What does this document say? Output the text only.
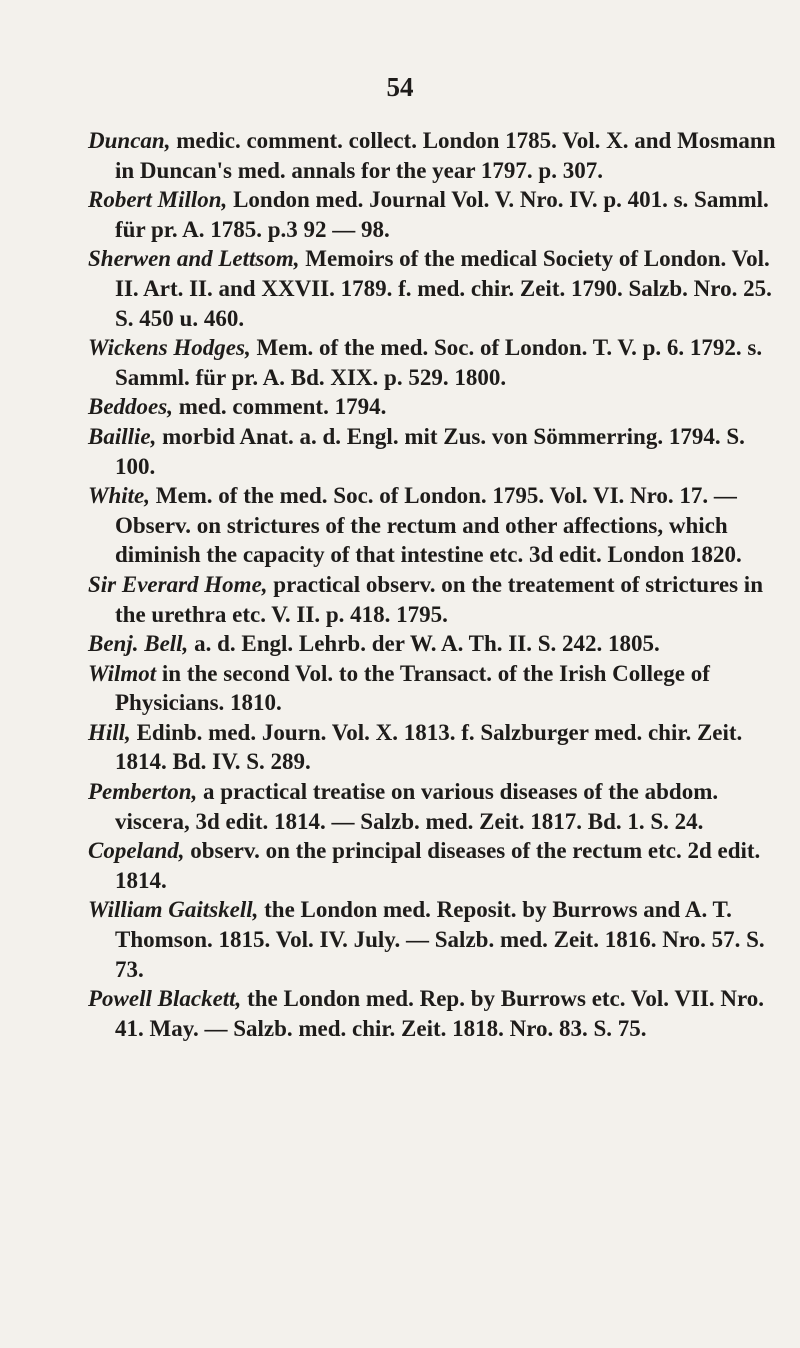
54

Duncan, medic. comment. collect. London 1785. Vol. X. and Mosmann in Duncan's med. annals for the year 1797. p. 307.

Robert Millon, London med. Journal Vol. V. Nro. IV. p. 401. s. Samml. für pr. A. 1785. p.3 92 — 98.

Sherwen and Lettsom, Memoirs of the medical Society of London. Vol. II. Art. II. and XXVII. 1789. f. med. chir. Zeit. 1790. Salzb. Nro. 25. S. 450 u. 460.

Wickens Hodges, Mem. of the med. Soc. of London. T. V. p. 6. 1792. s. Samml. für pr. A. Bd. XIX. p. 529. 1800.

Beddoes, med. comment. 1794.

Baillie, morbid Anat. a. d. Engl. mit Zus. von Sömmerring. 1794. S. 100.

White, Mem. of the med. Soc. of London. 1795. Vol. VI. Nro. 17. — Observ. on strictures of the rectum and other affections, which diminish the capacity of that intestine etc. 3d edit. London 1820.

Sir Everard Home, practical observ. on the treatement of strictures in the urethra etc. V. II. p. 418. 1795.

Benj. Bell, a. d. Engl. Lehrb. der W. A. Th. II. S. 242. 1805.

Wilmot in the second Vol. to the Transact. of the Irish College of Physicians. 1810.

Hill, Edinb. med. Journ. Vol. X. 1813. f. Salzburger med. chir. Zeit. 1814. Bd. IV. S. 289.

Pemberton, a practical treatise on various diseases of the abdom. viscera, 3d edit. 1814. — Salzb. med. Zeit. 1817. Bd. 1. S. 24.

Copeland, observ. on the principal diseases of the rectum etc. 2d edit. 1814.

William Gaitskell, the London med. Reposit. by Burrows and A. T. Thomson. 1815. Vol. IV. July. — Salzb. med. Zeit. 1816. Nro. 57. S. 73.

Powell Blackett, the London med. Rep. by Burrows etc. Vol. VII. Nro. 41. May. — Salzb. med. chir. Zeit. 1818. Nro. 83. S. 75.
